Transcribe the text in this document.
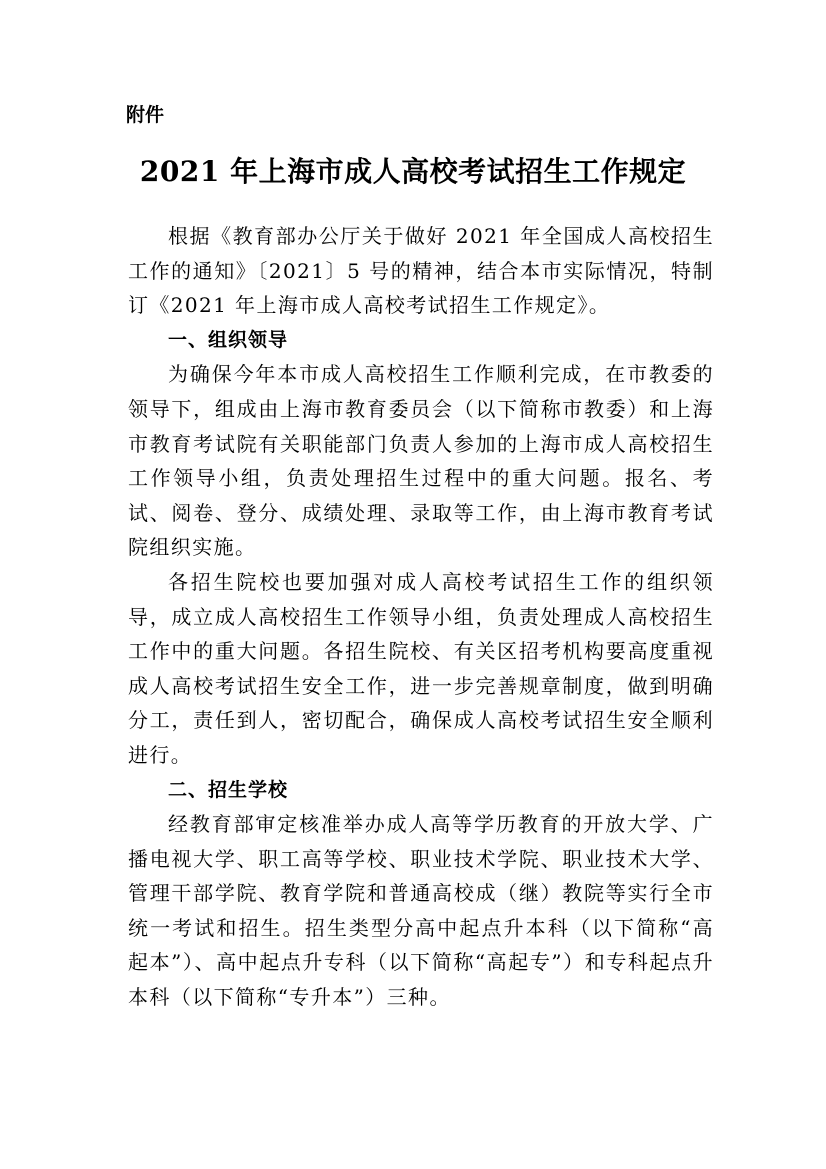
附件
2021 年上海市成人高校考试招生工作规定

根据《教育部办公厅关于做好 2021 年全国成人高校招生工作的通知》〔2021〕5 号的精神，结合本市实际情况，特制订《2021 年上海市成人高校考试招生工作规定》。

一、组织领导

为确保今年本市成人高校招生工作顺利完成，在市教委的领导下，组成由上海市教育委员会（以下简称市教委）和上海市教育考试院有关职能部门负责人参加的上海市成人高校招生工作领导小组，负责处理招生过程中的重大问题。报名、考试、阅卷、登分、成绩处理、录取等工作，由上海市教育考试院组织实施。

各招生院校也要加强对成人高校考试招生工作的组织领导，成立成人高校招生工作领导小组，负责处理成人高校招生工作中的重大问题。各招生院校、有关区招考机构要高度重视成人高校考试招生安全工作，进一步完善规章制度，做到明确分工，责任到人，密切配合，确保成人高校考试招生安全顺利进行。

二、招生学校

经教育部审定核准举办成人高等学历教育的开放大学、广播电视大学、职工高等学校、职业技术学院、职业技术大学、管理干部学院、教育学院和普通高校成（继）教院等实行全市统一考试和招生。招生类型分高中起点升本科（以下简称“高起本”）、高中起点升专科（以下简称“高起专”）和专科起点升本科（以下简称“专升本”）三种。
